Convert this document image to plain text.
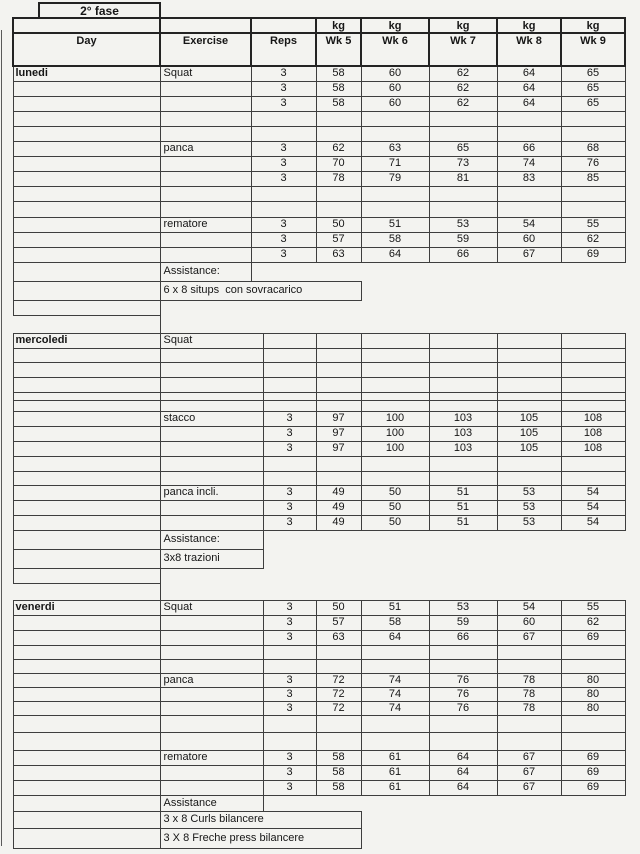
	2° fase								
					kg	kg	kg	kg	kg
Day		Exercise	Reps		Wk 5	Wk 6	Wk 7	Wk 8	Wk 9
lunedi		Squat	3		58	60	62	64	65
			3		58	60	62	64	65
			3		58	60	62	64	65

		panca	3		62	63	65	66	68
			3		70	71	73	74	76
			3		78	79	81	83	85

		rematore	3		50	51	53	54	55
			3		57	58	59	60	62
			3		63	64	66	67	69
		Assistance:							
		6 x 8 situps  con sovracarico							

mercoledi		Squat							

		stacco		3	97	100	103	105	108
				3	97	100	103	105	108
				3	97	100	103	105	108

		panca incli.		3	49	50	51	53	54
				3	49	50	51	53	54
				3	49	50	51	53	54
		Assistance:							
		3x8 trazioni							

venerdi		Squat		3	50	51	53	54	55
				3	57	58	59	60	62
				3	63	64	66	67	69

		panca		3	72	74	76	78	80
				3	72	74	76	78	80
				3	72	74	76	78	80

		rematore		3	58	61	64	67	69
				3	58	61	64	67	69
				3	58	61	64	67	69
		Assistance							
		3 x 8 Curls bilancere							
		3 X 8 Freche press bilancere							
